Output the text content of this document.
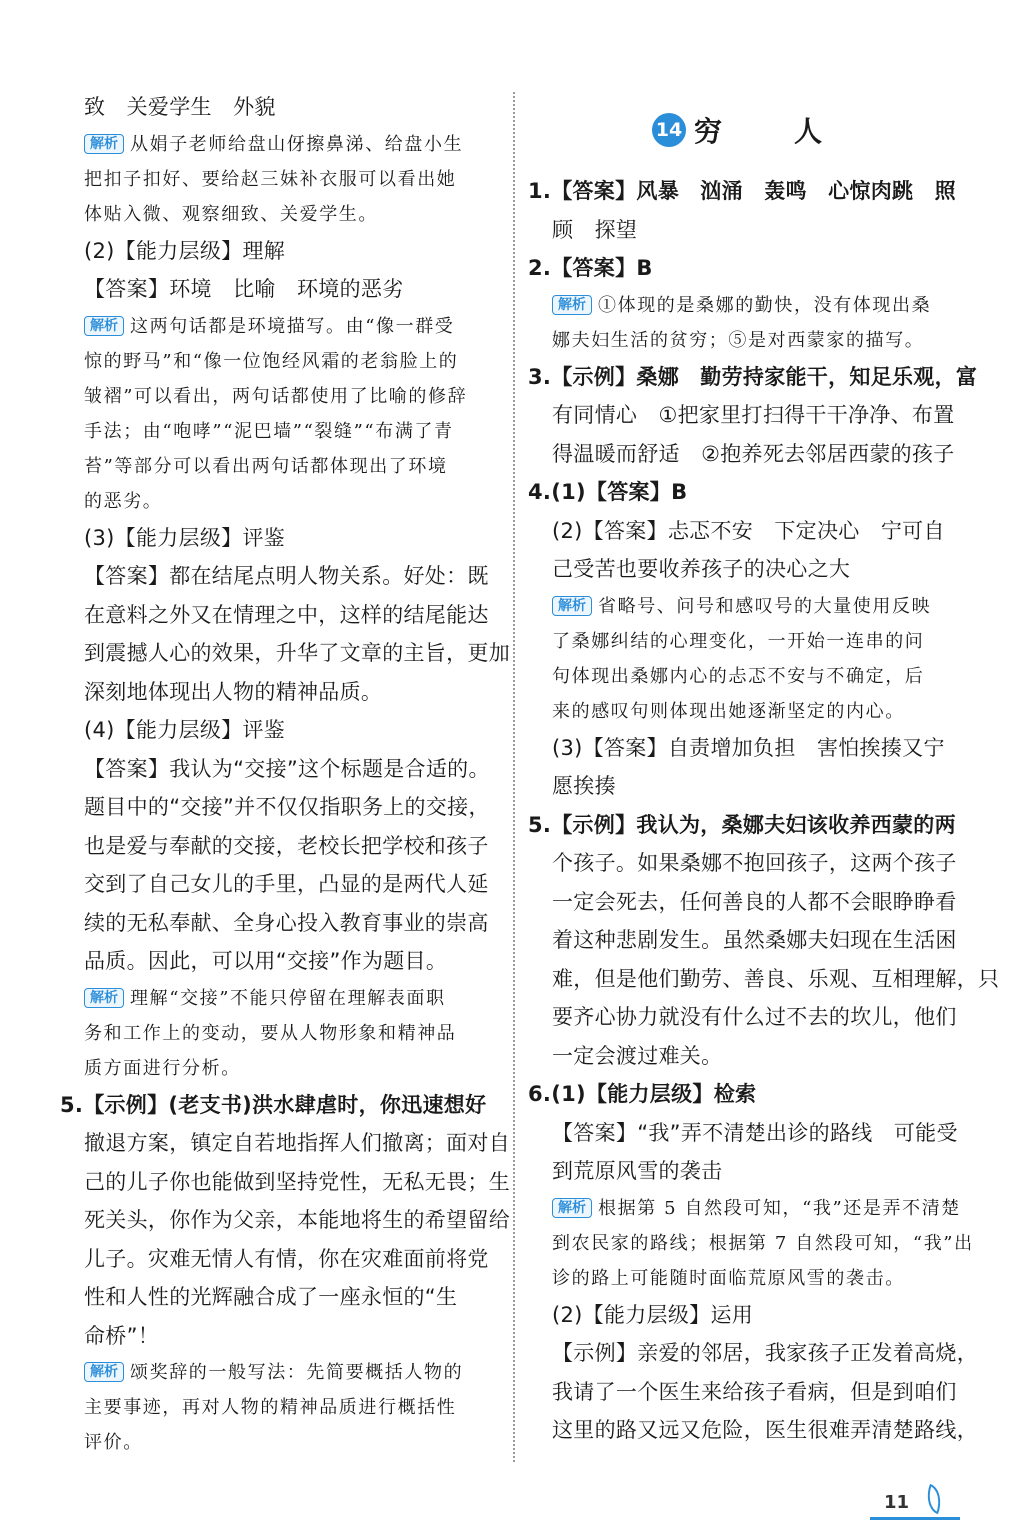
致　关爱学生　外貌
解析 从娟子老师给盘山伢擦鼻涕、给盘小生
把扣子扣好、要给赵三妹补衣服可以看出她
体贴入微、观察细致、关爱学生。
(2)【能力层级】理解
【答案】环境　比喻　环境的恶劣
解析 这两句话都是环境描写。由“像一群受
惊的野马”和“像一位饱经风霜的老翁脸上的
皱褶”可以看出，两句话都使用了比喻的修辞
手法；由“咆哮”“泥巴墙”“裂缝”“布满了青
苔”等部分可以看出两句话都体现出了环境
的恶劣。
(3)【能力层级】评鉴
【答案】都在结尾点明人物关系。好处：既
在意料之外又在情理之中，这样的结尾能达
到震撼人心的效果，升华了文章的主旨，更加
深刻地体现出人物的精神品质。
(4)【能力层级】评鉴
【答案】我认为“交接”这个标题是合适的。
题目中的“交接”并不仅仅指职务上的交接，
也是爱与奉献的交接，老校长把学校和孩子
交到了自己女儿的手里，凸显的是两代人延
续的无私奉献、全身心投入教育事业的崇高
品质。因此，可以用“交接”作为题目。
解析 理解“交接”不能只停留在理解表面职
务和工作上的变动，要从人物形象和精神品
质方面进行分析。
5.【示例】(老支书)洪水肆虐时，你迅速想好
撤退方案，镇定自若地指挥人们撤离；面对自
己的儿子你也能做到坚持党性，无私无畏；生
死关头，你作为父亲，本能地将生的希望留给
儿子。灾难无情人有情，你在灾难面前将党
性和人性的光辉融合成了一座永恒的“生
命桥”！
解析 颂奖辞的一般写法：先简要概括人物的
主要事迹，再对人物的精神品质进行概括性
评价。
14 穷　人
1.【答案】风暴　汹涌　轰鸣　心惊肉跳　照
顾　探望
2.【答案】B
解析 ①体现的是桑娜的勤快，没有体现出桑
娜夫妇生活的贫穷；⑤是对西蒙家的描写。
3.【示例】桑娜　勤劳持家能干，知足乐观，富
有同情心　①把家里打扫得干干净净、布置
得温暖而舒适　②抱养死去邻居西蒙的孩子
4.(1)【答案】B
(2)【答案】忐忑不安　下定决心　宁可自
己受苦也要收养孩子的决心之大
解析 省略号、问号和感叹号的大量使用反映
了桑娜纠结的心理变化，一开始一连串的问
句体现出桑娜内心的忐忑不安与不确定，后
来的感叹句则体现出她逐渐坚定的内心。
(3)【答案】自责增加负担　害怕挨揍又宁
愿挨揍
5.【示例】我认为，桑娜夫妇该收养西蒙的两
个孩子。如果桑娜不抱回孩子，这两个孩子
一定会死去，任何善良的人都不会眼睁睁看
着这种悲剧发生。虽然桑娜夫妇现在生活困
难，但是他们勤劳、善良、乐观、互相理解，只
要齐心协力就没有什么过不去的坎儿，他们
一定会渡过难关。
6.(1)【能力层级】检索
【答案】“我”弄不清楚出诊的路线　可能受
到荒原风雪的袭击
解析 根据第 5 自然段可知，“我”还是弄不清楚
到农民家的路线；根据第 7 自然段可知，“我”出
诊的路上可能随时面临荒原风雪的袭击。
(2)【能力层级】运用
【示例】亲爱的邻居，我家孩子正发着高烧，
我请了一个医生来给孩子看病，但是到咱们
这里的路又远又危险，医生很难弄清楚路线，
11
